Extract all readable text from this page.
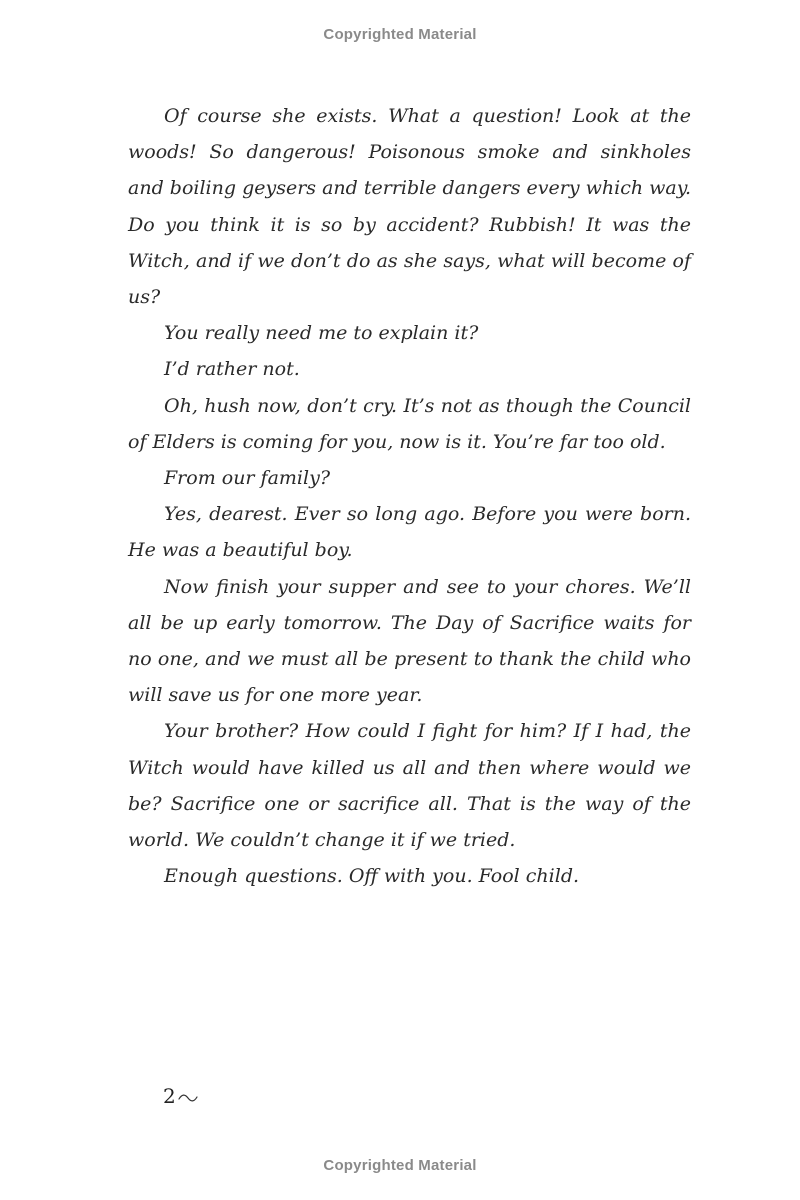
Copyrighted Material

Of course she exists. What a question! Look at the woods! So dangerous! Poisonous smoke and sinkholes and boiling geysers and terrible dangers every which way. Do you think it is so by accident? Rubbish! It was the Witch, and if we don’t do as she says, what will become of us?

You really need me to explain it?

I’d rather not.

Oh, hush now, don’t cry. It’s not as though the Council of Elders is coming for you, now is it. You’re far too old.

From our family?

Yes, dearest. Ever so long ago. Before you were born. He was a beautiful boy.

Now finish your supper and see to your chores. We’ll all be up early tomorrow. The Day of Sacrifice waits for no one, and we must all be present to thank the child who will save us for one more year.

Your brother? How could I fight for him? If I had, the Witch would have killed us all and then where would we be? Sacrifice one or sacrifice all. That is the way of the world. We couldn’t change it if we tried.

Enough questions. Off with you. Fool child.

2
Copyrighted Material
